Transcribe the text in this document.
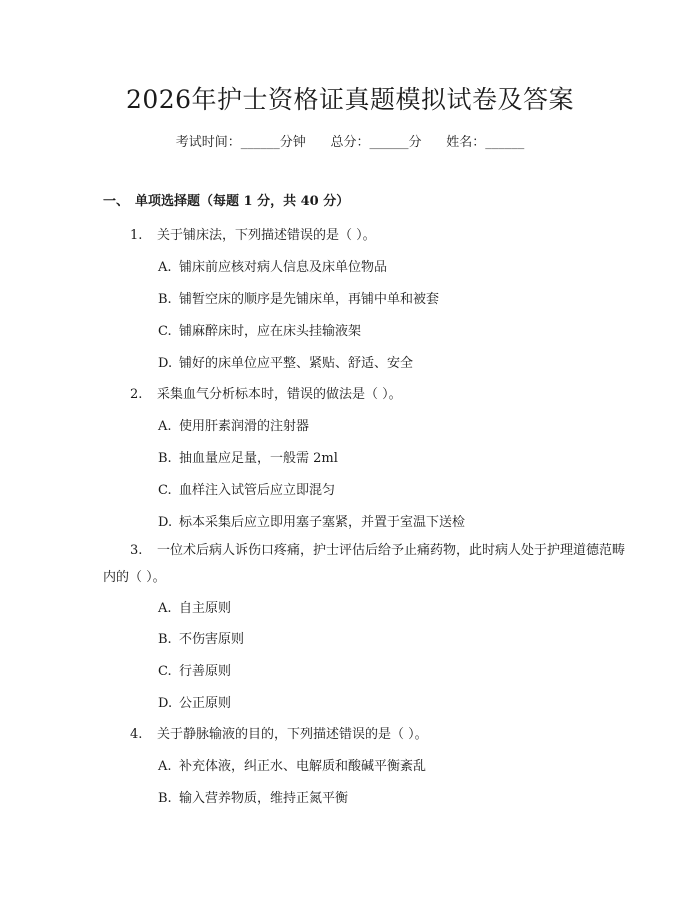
2026年护士资格证真题模拟试卷及答案
考试时间：______分钟      总分：______分      姓名：______
一、 单项选择题（每题 1 分，共 40 分）
1. 关于铺床法，下列描述错误的是（ ）。
A. 铺床前应核对病人信息及床单位物品
B. 铺暂空床的顺序是先铺床单，再铺中单和被套
C. 铺麻醉床时，应在床头挂输液架
D. 铺好的床单位应平整、紧贴、舒适、安全
2. 采集血气分析标本时，错误的做法是（ ）。
A. 使用肝素润滑的注射器
B. 抽血量应足量，一般需 2ml
C. 血样注入试管后应立即混匀
D. 标本采集后应立即用塞子塞紧，并置于室温下送检
3. 一位术后病人诉伤口疼痛，护士评估后给予止痛药物，此时病人处于护理道德范畴内的（ ）。
A. 自主原则
B. 不伤害原则
C. 行善原则
D. 公正原则
4. 关于静脉输液的目的，下列描述错误的是（ ）。
A. 补充体液，纠正水、电解质和酸碱平衡紊乱
B. 输入营养物质，维持正氮平衡
